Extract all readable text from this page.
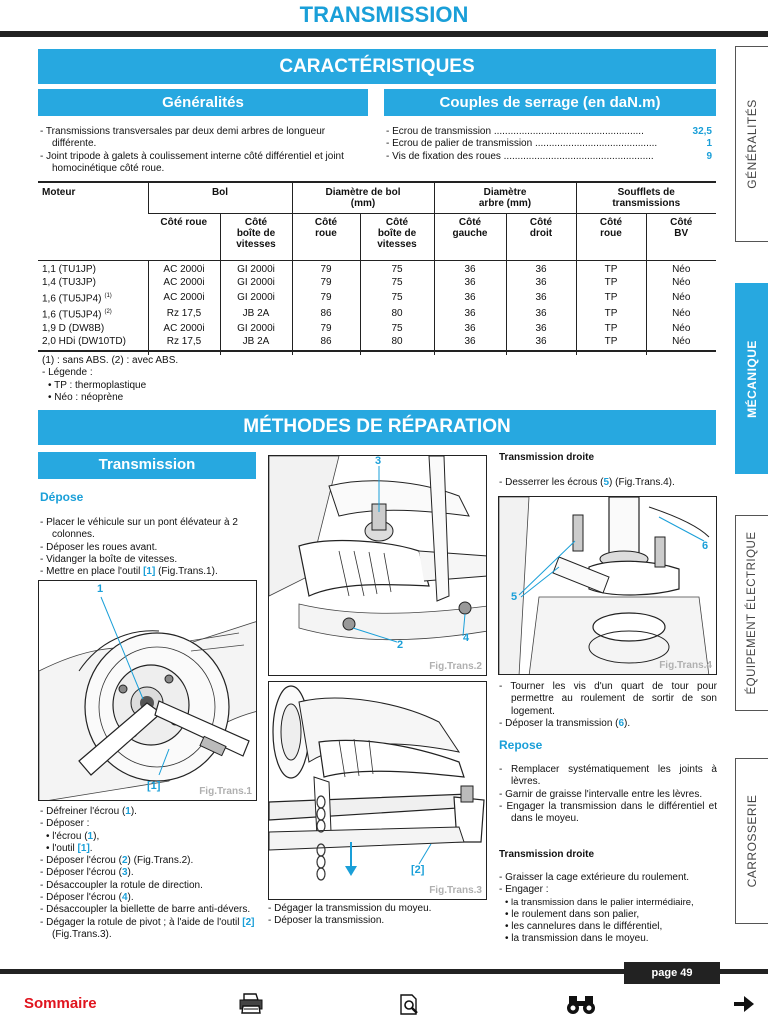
TRANSMISSION
CARACTÉRISTIQUES
Généralités
- Transmissions transversales par deux demi arbres de longueur différente.
- Joint tripode à galets à coulissement interne côté différentiel et joint homocinétique côté roue.
Couples de serrage (en daN.m)
- Ecrou de transmission ......................................................	32,5
- Ecrou de palier de transmission ............................................	1
- Vis de fixation des roues ......................................................	9
Moteur	Bol		Diamètre de bol (mm)		Diamètre arbre (mm)		Soufflets de transmissions	
	Côté roue	Côté boîte de vitesses	Côté roue	Côté boîte de vitesses	Côté gauche	Côté droit	Côté roue	Côté BV

1,1 (TU1JP)	AC 2000i	GI 2000i	79	75	36	36	TP	Néo
1,4 (TU3JP)	AC 2000i	GI 2000i	79	75	36	36	TP	Néo
1,6 (TU5JP4) $^{(1)}$	AC 2000i	GI 2000i	79	75	36	36	TP	Néo
1,6 (TU5JP4) $^{(2)}$	Rz 17,5	JB 2A	86	80	36	36	TP	Néo
1,9 D (DW8B)	AC 2000i	GI 2000i	79	75	36	36	TP	Néo
2,0 HDi (DW10TD)	Rz 17,5	JB 2A	86	80	36	36	TP	Néo

(1) : sans ABS. (2) : avec ABS.
- Légende :
• TP : thermoplastique
• Néo : néoprène
MÉTHODES DE RÉPARATION
Transmission
Dépose
- Placer le véhicule sur un pont élévateur à 2 colonnes.
- Déposer les roues avant.
- Vidanger la boîte de vitesses.
- Mettre en place l'outil [1] (Fig.Trans.1).
1
[1]	Fig.Trans.1
- Défreiner l'écrou (1).
- Déposer :
• l'écrou (1),
• l'outil [1].
- Déposer l'écrou (2) (Fig.Trans.2).
- Déposer l'écrou (3).
- Désaccoupler la rotule de direction.
- Déposer l'écrou (4).
- Désaccoupler la biellette de barre anti-dévers.
- Dégager la rotule de pivot ; à l'aide de l'outil [2] (Fig.Trans.3).
3
2
4
Fig.Trans.2
[2]
Fig.Trans.3
- Dégager la transmission du moyeu.
- Déposer la transmission.
Transmission droite
- Desserrer les écrous (5) (Fig.Trans.4).
6
5
Fig.Trans.4
- Tourner les vis d'un quart de tour pour permettre au roulement de sortir de son logement.
- Déposer la transmission (6).
Repose
- Remplacer systématiquement les joints à lèvres.
- Garnir de graisse l'intervalle entre les lèvres.
- Engager la transmission dans le différentiel et dans le moyeu.
Transmission droite
- Graisser la cage extérieure du roulement.
- Engager :
• la transmission dans le palier intermédiaire,
• le roulement dans son palier,
• les cannelures dans le différentiel,
• la transmission dans le moyeu.
GÉNÉRALITÉS
MÉCANIQUE
ÉQUIPEMENT ÉLECTRIQUE
CARROSSERIE
page 49
Sommaire
